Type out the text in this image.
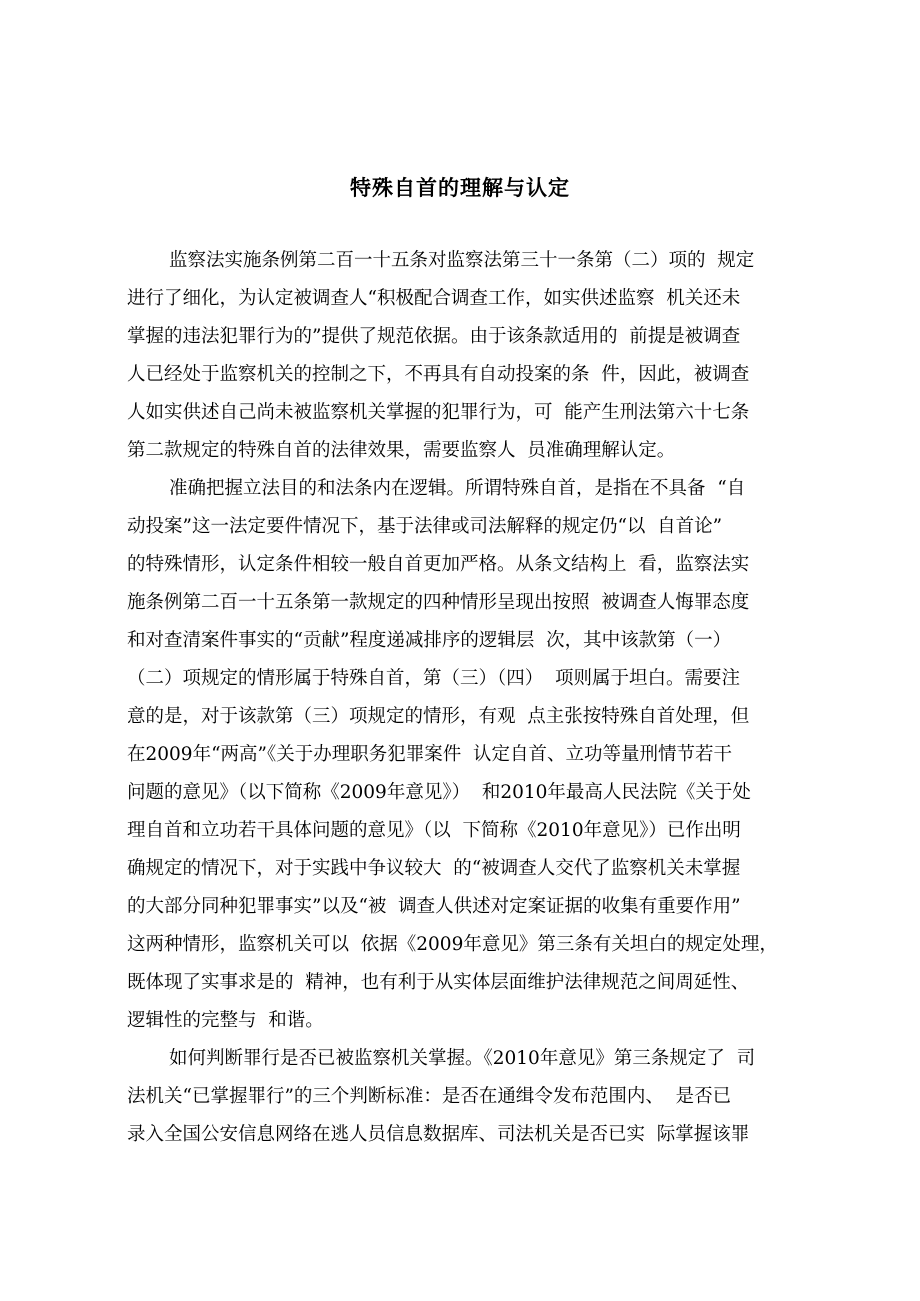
特殊自首的理解与认定
监察法实施条例第二百一十五条对监察法第三十一条第（二）项的  规定
进行了细化，为认定被调查人“积极配合调查工作，如实供述监察  机关还未
掌握的违法犯罪行为的”提供了规范依据。由于该条款适用的  前提是被调查
人已经处于监察机关的控制之下，不再具有自动投案的条  件，因此，被调查
人如实供述自己尚未被监察机关掌握的犯罪行为，可  能产生刑法第六十七条
第二款规定的特殊自首的法律效果，需要监察人  员准确理解认定。
准确把握立法目的和法条内在逻辑。所谓特殊自首，是指在不具备  “自
动投案”这一法定要件情况下，基于法律或司法解释的规定仍“以  自首论”
的特殊情形，认定条件相较一般自首更加严格。从条文结构上  看，监察法实
施条例第二百一十五条第一款规定的四种情形呈现出按照  被调查人悔罪态度
和对查清案件事实的“贡献”程度递减排序的逻辑层  次，其中该款第（一）
（二）项规定的情形属于特殊自首，第（三）（四）  项则属于坦白。需要注
意的是，对于该款第（三）项规定的情形，有观  点主张按特殊自首处理，但
在2009年“两高”《关于办理职务犯罪案件  认定自首、立功等量刑情节若干
问题的意见》（以下简称《2009年意见》）  和2010年最高人民法院《关于处
理自首和立功若干具体问题的意见》（以  下简称《2010年意见》）已作出明
确规定的情况下，对于实践中争议较大  的“被调查人交代了监察机关未掌握
的大部分同种犯罪事实”以及“被  调查人供述对定案证据的收集有重要作用”
这两种情形，监察机关可以  依据《2009年意见》第三条有关坦白的规定处理，
既体现了实事求是的  精神，也有利于从实体层面维护法律规范之间周延性、
逻辑性的完整与  和谐。
如何判断罪行是否已被监察机关掌握。《2010年意见》第三条规定了  司
法机关“已掌握罪行”的三个判断标准：是否在通缉令发布范围内、  是否已
录入全国公安信息网络在逃人员信息数据库、司法机关是否已实  际掌握该罪
